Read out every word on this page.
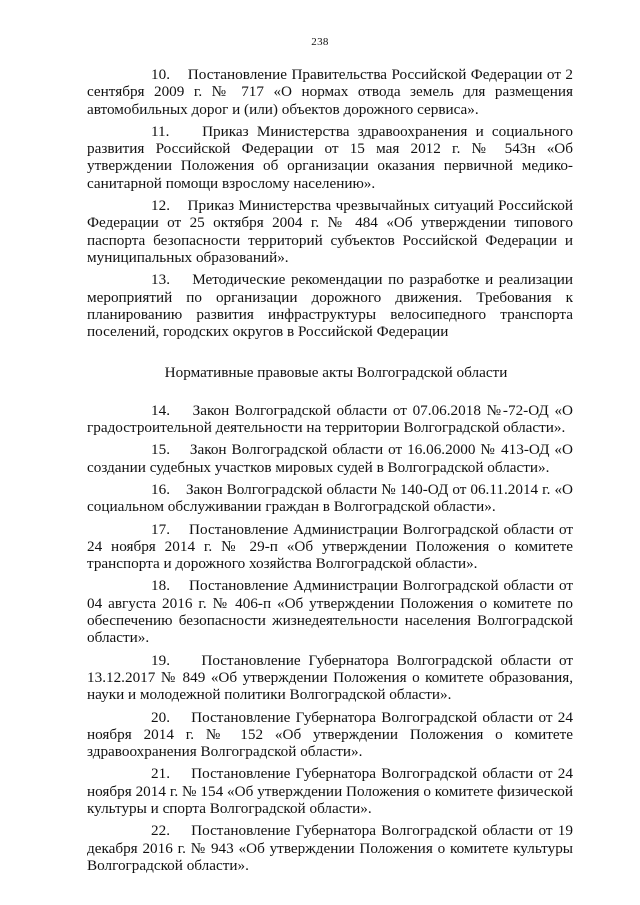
238

10. Постановление Правительства Российской Федерации от 2 сентября 2009 г. № 717 «О нормах отвода земель для размещения автомобильных дорог и (или) объектов дорожного сервиса».

11. Приказ Министерства здравоохранения и социального развития Российской Федерации от 15 мая 2012 г. № 543н «Об утверждении Положения об организации оказания первичной медико-санитарной помощи взрослому населению».

12. Приказ Министерства чрезвычайных ситуаций Российской Федерации от 25 октября 2004 г. № 484 «Об утверждении типового паспорта безопасности территорий субъектов Российской Федерации и муниципальных образований».

13. Методические рекомендации по разработке и реализации мероприятий по организации дорожного движения. Требования к планированию развития инфраструктуры велосипедного транспорта поселений, городских округов в Российской Федерации

Нормативные правовые акты Волгоградской области

14. Закон Волгоградской области от 07.06.2018 №-72-ОД «О градостроительной деятельности на территории Волгоградской области».

15. Закон Волгоградской области от 16.06.2000 № 413-ОД «О создании судебных участков мировых судей в Волгоградской области».

16. Закон Волгоградской области № 140-ОД от 06.11.2014 г. «О социальном обслуживании граждан в Волгоградской области».

17. Постановление Администрации Волгоградской области от 24 ноября 2014 г. № 29-п «Об утверждении Положения о комитете транспорта и дорожного хозяйства Волгоградской области».

18. Постановление Администрации Волгоградской области от 04 августа 2016 г. № 406-п «Об утверждении Положения о комитете по обеспечению безопасности жизнедеятельности населения Волгоградской области».

19. Постановление Губернатора Волгоградской области от 13.12.2017 № 849 «Об утверждении Положения о комитете образования, науки и молодежной политики Волгоградской области».

20. Постановление Губернатора Волгоградской области от 24 ноября 2014 г. № 152 «Об утверждении Положения о комитете здравоохранения Волгоградской области».

21. Постановление Губернатора Волгоградской области от 24 ноября 2014 г. № 154 «Об утверждении Положения о комитете физической культуры и спорта Волгоградской области».

22. Постановление Губернатора Волгоградской области от 19 декабря 2016 г. № 943 «Об утверждении Положения о комитете культуры Волгоградской области».
